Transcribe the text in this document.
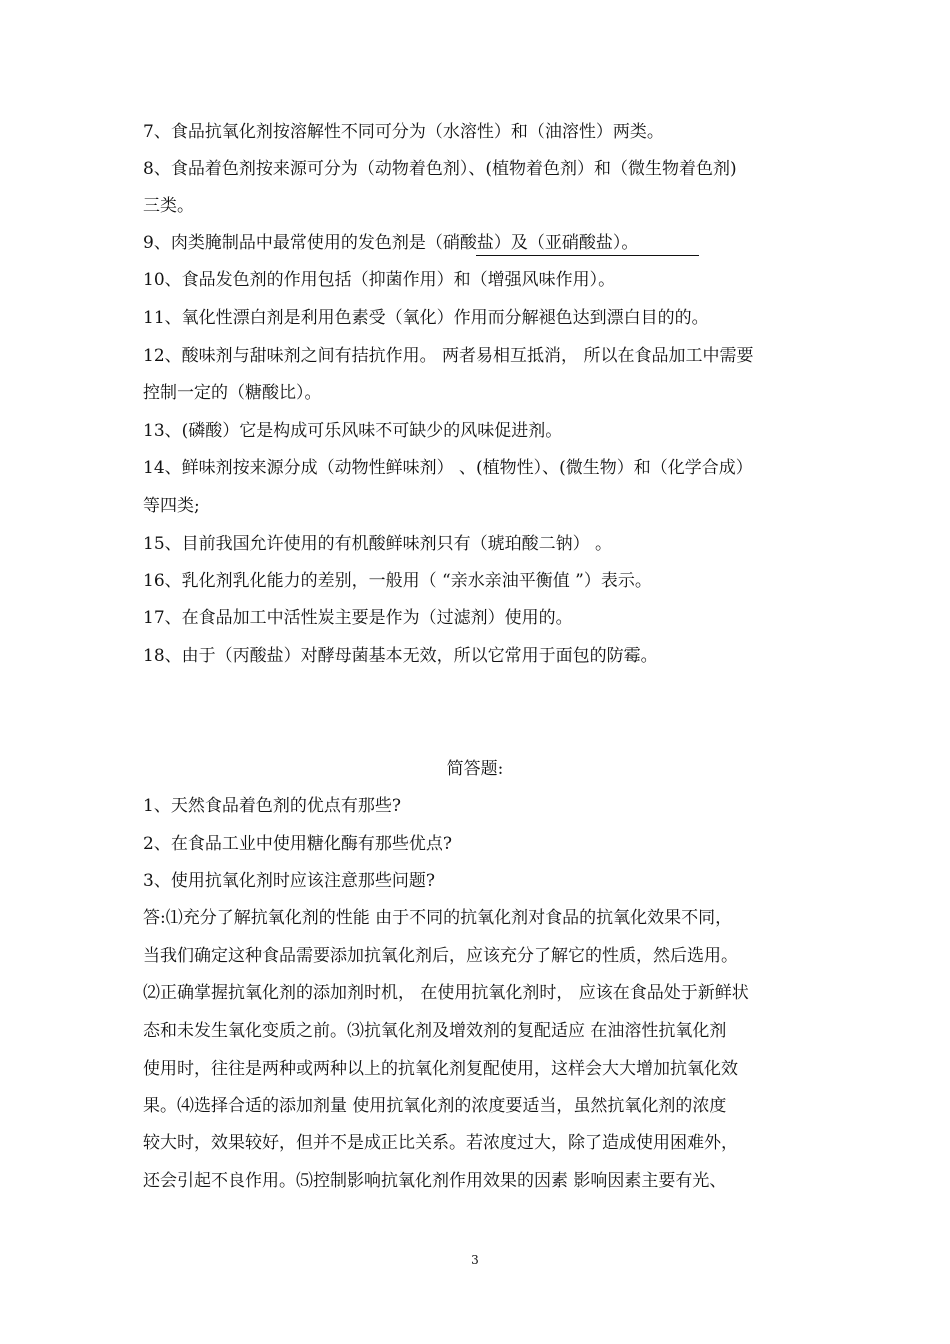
7、食品抗氧化剂按溶解性不同可分为（水溶性）和（油溶性）两类。
8、食品着色剂按来源可分为（动物着色剂）、(植物着色剂）和（微生物着色剂)
三类。
9、肉类腌制品中最常使用的发色剂是（硝酸盐）及（亚硝酸盐）。
10、食品发色剂的作用包括（抑菌作用）和（增强风味作用）。
11、氧化性漂白剂是利用色素受（氧化）作用而分解褪色达到漂白目的的。
12、酸味剂与甜味剂之间有拮抗作用。 两者易相互抵消， 所以在食品加工中需要
控制一定的（糖酸比）。
13、(磷酸）它是构成可乐风味不可缺少的风味促进剂。
14、鲜味剂按来源分成（动物性鲜味剂） 、(植物性）、(微生物）和（化学合成）
等四类;
15、目前我国允许使用的有机酸鲜味剂只有（琥珀酸二钠） 。
16、乳化剂乳化能力的差别，一般用（ “亲水亲油平衡值 ”）表示。
17、在食品加工中活性炭主要是作为（过滤剂）使用的。
18、由于（丙酸盐）对酵母菌基本无效，所以它常用于面包的防霉。
简答题:
1、天然食品着色剂的优点有那些?
2、在食品工业中使用糖化酶有那些优点?
3、使用抗氧化剂时应该注意那些问题?
答:⑴充分了解抗氧化剂的性能 由于不同的抗氧化剂对食品的抗氧化效果不同，
当我们确定这种食品需要添加抗氧化剂后，应该充分了解它的性质，然后选用。
⑵正确掌握抗氧化剂的添加剂时机， 在使用抗氧化剂时， 应该在食品处于新鲜状
态和未发生氧化变质之前。⑶抗氧化剂及增效剂的复配适应 在油溶性抗氧化剂
使用时，往往是两种或两种以上的抗氧化剂复配使用，这样会大大增加抗氧化效
果。⑷选择合适的添加剂量 使用抗氧化剂的浓度要适当，虽然抗氧化剂的浓度
较大时，效果较好，但并不是成正比关系。若浓度过大，除了造成使用困难外，
还会引起不良作用。⑸控制影响抗氧化剂作用效果的因素 影响因素主要有光、
3
